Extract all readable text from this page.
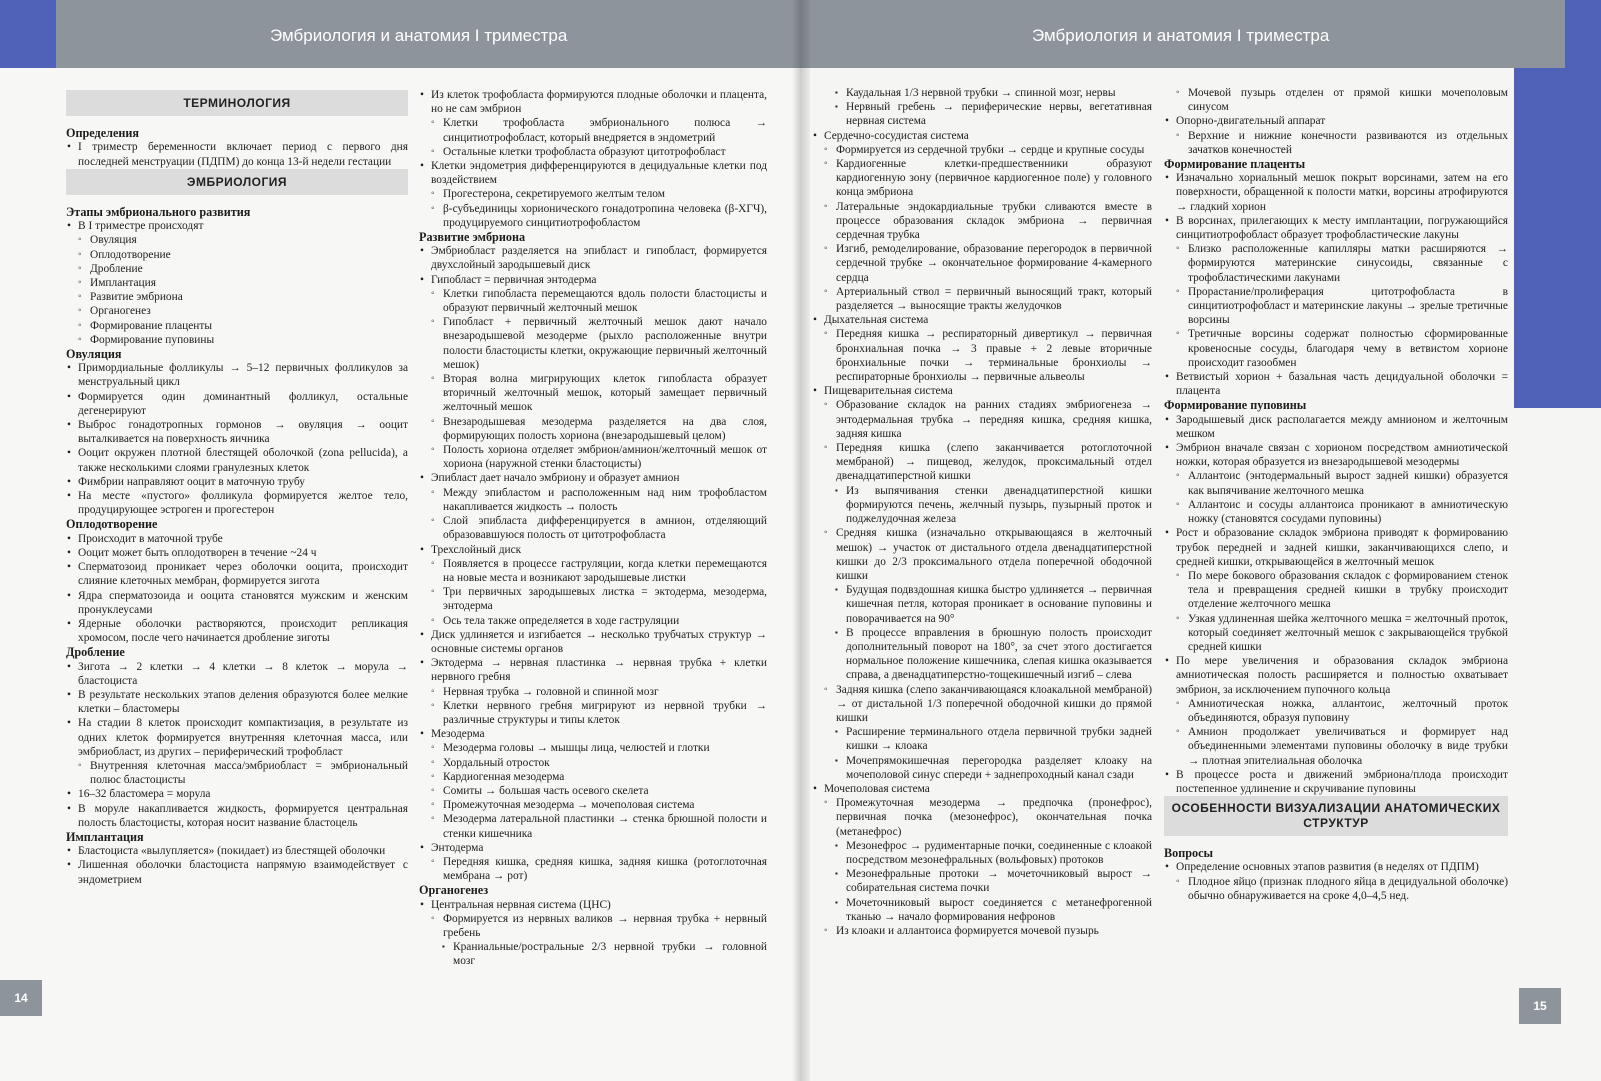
Эмбриология и анатомия I триместра
14
ТЕРМИНОЛОГИЯ

Определения

• I триместр беременности включает период с первого дня последней менструации (ПДПМ) до конца 13-й недели гестации

ЭМБРИОЛОГИЯ

Этапы эмбрионального развития

• В I триместре происходят

◦ Овуляция

◦ Оплодотворение

◦ Дробление

◦ Имплантация

◦ Развитие эмбриона

◦ Органогенез

◦ Формирование плаценты

◦ Формирование пуповины

Овуляция

• Примордиальные фолликулы → 5–12 первичных фолликулов за менструальный цикл

• Формируется один доминантный фолликул, остальные дегенерируют

• Выброс гонадотропных гормонов → овуляция → ооцит выталкивается на поверхность яичника

• Ооцит окружен плотной блестящей оболочкой (zona pellucida), а также несколькими слоями гранулезных клеток

• Фимбрии направляют ооцит в маточную трубу

• На месте «пустого» фолликула формируется желтое тело, продуцирующее эстроген и прогестерон

Оплодотворение

• Происходит в маточной трубе

• Ооцит может быть оплодотворен в течение ~24 ч

• Сперматозоид проникает через оболочки ооцита, происходит слияние клеточных мембран, формируется зигота

• Ядра сперматозоида и ооцита становятся мужским и женским пронуклеусами

• Ядерные оболочки растворяются, происходит репликация хромосом, после чего начинается дробление зиготы

Дробление

• Зигота → 2 клетки → 4 клетки → 8 клеток → морула → бластоциста

• В результате нескольких этапов деления образуются более мелкие клетки – бластомеры

• На стадии 8 клеток происходит компактизация, в результате из одних клеток формируется внутренняя клеточная масса, или эмбриобласт, из других – периферический трофобласт

◦ Внутренняя клеточная масса/эмбриобласт = эмбриональный полюс бластоцисты

• 16–32 бластомера = морула

• В моруле накапливается жидкость, формируется центральная полость бластоцисты, которая носит название бластоцель

Имплантация

• Бластоциста «вылупляется» (покидает) из блестящей оболочки

• Лишенная оболочки бластоциста напрямую взаимодействует с эндометрием

• Из клеток трофобласта формируются плодные оболочки и плацента, но не сам эмбрион

◦ Клетки трофобласта эмбрионального полюса → синцитиотрофобласт, который внедряется в эндометрий

◦ Остальные клетки трофобласта образуют цитотрофобласт

• Клетки эндометрия дифференцируются в децидуальные клетки под воздействием

◦ Прогестерона, секретируемого желтым телом

◦ β-субъединицы хорионического гонадотропина человека (β-ХГЧ), продуцируемого синцитиотрофобластом

Развитие эмбриона

• Эмбриобласт разделяется на эпибласт и гипобласт, формируется двухслойный зародышевый диск

• Гипобласт = первичная энтодерма

◦ Клетки гипобласта перемещаются вдоль полости бластоцисты и образуют первичный желточный мешок

◦ Гипобласт + первичный желточный мешок дают начало внезародышевой мезодерме (рыхло расположенные внутри полости бластоцисты клетки, окружающие первичный желточный мешок)

◦ Вторая волна мигрирующих клеток гипобласта образует вторичный желточный мешок, который замещает первичный желточный мешок

◦ Внезародышевая мезодерма разделяется на два слоя, формирующих полость хориона (внезародышевый целом)

◦ Полость хориона отделяет эмбрион/амнион/желточный мешок от хориона (наружной стенки бластоцисты)

• Эпибласт дает начало эмбриону и образует амнион

◦ Между эпибластом и расположенным над ним трофобластом накапливается жидкость → полость

◦ Слой эпибласта дифференцируется в амнион, отделяющий образовавшуюся полость от цитотрофобласта

• Трехслойный диск

◦ Появляется в процессе гаструляции, когда клетки перемещаются на новые места и возникают зародышевые листки

◦ Три первичных зародышевых листка = эктодерма, мезодерма, энтодерма

◦ Ось тела также определяется в ходе гаструляции

• Диск удлиняется и изгибается → несколько трубчатых структур → основные системы органов

• Эктодерма → нервная пластинка → нервная трубка + клетки нервного гребня

◦ Нервная трубка → головной и спинной мозг

◦ Клетки нервного гребня мигрируют из нервной трубки → различные структуры и типы клеток

• Мезодерма

◦ Мезодерма головы → мышцы лица, челюстей и глотки

◦ Хордальный отросток

◦ Кардиогенная мезодерма

◦ Сомиты → большая часть осевого скелета

◦ Промежуточная мезодерма → мочеполовая система

◦ Мезодерма латеральной пластинки → стенка брюшной полости и стенки кишечника

• Энтодерма

◦ Передняя кишка, средняя кишка, задняя кишка (ротоглоточная мембрана → рот)

Органогенез

• Центральная нервная система (ЦНС)

◦ Формируется из нервных валиков → нервная трубка + нервный гребень

▪ Краниальные/ростральные 2/3 нервной трубки → головной мозг

Эмбриология и анатомия I триместра
15

▪ Каудальная 1/3 нервной трубки → спинной мозг, нервы

▪ Нервный гребень → периферические нервы, вегетативная нервная система

• Сердечно-сосудистая система

◦ Формируется из сердечной трубки → сердце и крупные сосуды

◦ Кардиогенные клетки-предшественники образуют кардиогенную зону (первичное кардиогенное поле) у головного конца эмбриона

◦ Латеральные эндокардиальные трубки сливаются вместе в процессе образования складок эмбриона → первичная сердечная трубка

◦ Изгиб, ремоделирование, образование перегородок в первичной сердечной трубке → окончательное формирование 4-камерного сердца

◦ Артериальный ствол = первичный выносящий тракт, который разделяется → выносящие тракты желудочков

• Дыхательная система

◦ Передняя кишка → респираторный дивертикул → первичная бронхиальная почка → 3 правые + 2 левые вторичные бронхиальные почки → терминальные бронхиолы → респираторные бронхиолы → первичные альвеолы

• Пищеварительная система

◦ Образование складок на ранних стадиях эмбриогенеза → энтодермальная трубка → передняя кишка, средняя кишка, задняя кишка

◦ Передняя кишка (слепо заканчивается ротоглоточной мембраной) → пищевод, желудок, проксимальный отдел двенадцатиперстной кишки

▪ Из выпячивания стенки двенадцатиперстной кишки формируются печень, желчный пузырь, пузырный проток и поджелудочная железа

◦ Средняя кишка (изначально открывающаяся в желточный мешок) → участок от дистального отдела двенадцатиперстной кишки до 2/3 проксимального отдела поперечной ободочной кишки

▪ Будущая подвздошная кишка быстро удлиняется → первичная кишечная петля, которая проникает в основание пуповины и поворачивается на 90°

▪ В процессе вправления в брюшную полость происходит дополнительный поворот на 180°, за счет этого достигается нормальное положение кишечника, слепая кишка оказывается справа, а двенадцатиперстно-тощекишечный изгиб – слева

◦ Задняя кишка (слепо заканчивающаяся клоакальной мембраной) → от дистальной 1/3 поперечной ободочной кишки до прямой кишки

▪ Расширение терминального отдела первичной трубки задней кишки → клоака

▪ Мочепрямокишечная перегородка разделяет клоаку на мочеполовой синус спереди + заднепроходный канал сзади

• Мочеполовая система

◦ Промежуточная мезодерма → предпочка (пронефрос), первичная почка (мезонефрос), окончательная почка (метанефрос)

▪ Мезонефрос → рудиментарные почки, соединенные с клоакой посредством мезонефральных (вольфовых) протоков

▪ Мезонефральные протоки → мочеточниковый вырост → собирательная система почки

▪ Мочеточниковый вырост соединяется с метанефрогенной тканью → начало формирования нефронов

◦ Из клоаки и аллантоиса формируется мочевой пузырь

◦ Мочевой пузырь отделен от прямой кишки мочеполовым синусом

• Опорно-двигательный аппарат

◦ Верхние и нижние конечности развиваются из отдельных зачатков конечностей

Формирование плаценты

• Изначально хориальный мешок покрыт ворсинами, затем на его поверхности, обращенной к полости матки, ворсины атрофируются → гладкий хорион

• В ворсинах, прилегающих к месту имплантации, погружающийся синцитиотрофобласт образует трофобластические лакуны

◦ Близко расположенные капилляры матки расширяются → формируются материнские синусоиды, связанные с трофобластическими лакунами

◦ Прорастание/пролиферация цитотрофобласта в синцитиотрофобласт и материнские лакуны → зрелые третичные ворсины

◦ Третичные ворсины содержат полностью сформированные кровеносные сосуды, благодаря чему в ветвистом хорионе происходит газообмен

• Ветвистый хорион + базальная часть децидуальной оболочки = плацента

Формирование пуповины

• Зародышевый диск располагается между амнионом и желточным мешком

• Эмбрион вначале связан с хорионом посредством амниотической ножки, которая образуется из внезародышевой мезодермы

◦ Аллантоис (энтодермальный вырост задней кишки) образуется как выпячивание желточного мешка

◦ Аллантоис и сосуды аллантоиса проникают в амниотическую ножку (становятся сосудами пуповины)

• Рост и образование складок эмбриона приводят к формированию трубок передней и задней кишки, заканчивающихся слепо, и средней кишки, открывающейся в желточный мешок

◦ По мере бокового образования складок с формированием стенок тела и превращения средней кишки в трубку происходит отделение желточного мешка

◦ Узкая удлиненная шейка желточного мешка = желточный проток, который соединяет желточный мешок с закрывающейся трубкой средней кишки

• По мере увеличения и образования складок эмбриона амниотическая полость расширяется и полностью охватывает эмбрион, за исключением пупочного кольца

◦ Амниотическая ножка, аллантоис, желточный проток объединяются, образуя пуповину

◦ Амнион продолжает увеличиваться и формирует над объединенными элементами пуповины оболочку в виде трубки → плотная эпителиальная оболочка

• В процессе роста и движений эмбриона/плода происходит постепенное удлинение и скручивание пуповины

ОСОБЕННОСТИ ВИЗУАЛИЗАЦИИ АНАТОМИЧЕСКИХ СТРУКТУР

Вопросы

• Определение основных этапов развития (в неделях от ПДПМ)

◦ Плодное яйцо (признак плодного яйца в децидуальной оболочке) обычно обнаруживается на сроке 4,0–4,5 нед.
